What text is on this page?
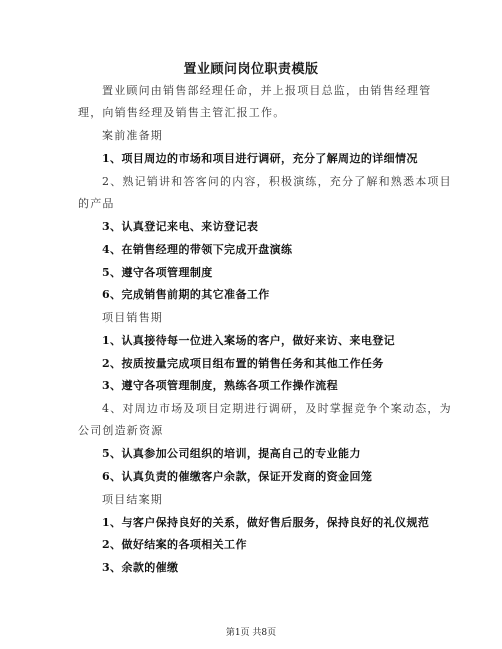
置业顾问岗位职责模版
置业顾问由销售部经理任命，并上报项目总监，由销售经理管
理，向销售经理及销售主管汇报工作。
案前准备期
1、项目周边的市场和项目进行调研，充分了解周边的详细情况
2、熟记销讲和答客问的内容，积极演练，充分了解和熟悉本项目
的产品
3、认真登记来电、来访登记表
4、在销售经理的带领下完成开盘演练
5、遵守各项管理制度
6、完成销售前期的其它准备工作
项目销售期
1、认真接待每一位进入案场的客户，做好来访、来电登记
2、按质按量完成项目组布置的销售任务和其他工作任务
3、遵守各项管理制度，熟练各项工作操作流程
4、对周边市场及项目定期进行调研，及时掌握竞争个案动态，为
公司创造新资源
5、认真参加公司组织的培训，提高自己的专业能力
6、认真负责的催缴客户余款，保证开发商的资金回笼
项目结案期
1、与客户保持良好的关系，做好售后服务，保持良好的礼仪规范
2、做好结案的各项相关工作
3、余款的催缴
第1页 共8页
